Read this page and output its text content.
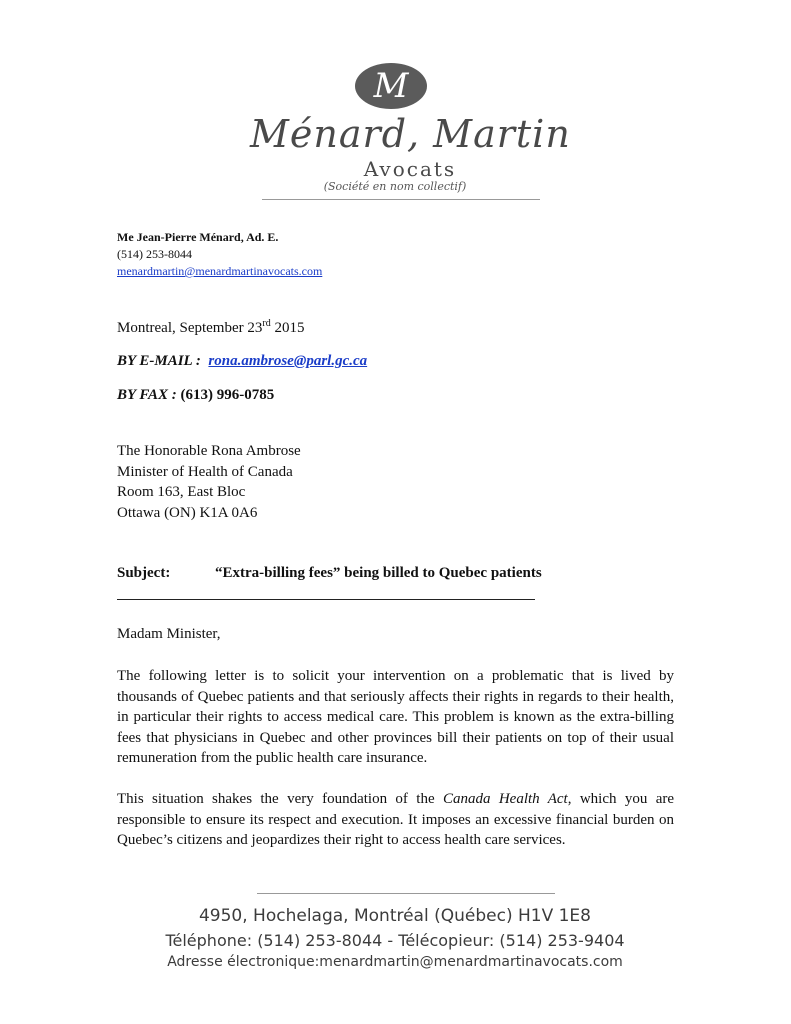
M
Ménard, Martin
Avocats
(Société en nom collectif)
Me Jean-Pierre Ménard, Ad. E.
(514) 253-8044
menardmartin@menardmartinavocats.com
Montreal, September 23rd 2015
BY E-MAIL : rona.ambrose@parl.gc.ca
BY FAX : (613) 996-0785
The Honorable Rona Ambrose
Minister of Health of Canada
Room 163, East Bloc
Ottawa (ON) K1A 0A6
Subject:	“Extra-billing fees” being billed to Quebec patients
Madam Minister,

The following letter is to solicit your intervention on a problematic that is lived by thousands of Quebec patients and that seriously affects their rights in regards to their health, in particular their rights to access medical care. This problem is known as the extra-billing fees that physicians in Quebec and other provinces bill their patients on top of their usual remuneration from the public health care insurance.

This situation shakes the very foundation of the Canada Health Act, which you are responsible to ensure its respect and execution. It imposes an excessive financial burden on Quebec’s citizens and jeopardizes their right to access health care services.

4950, Hochelaga, Montréal (Québec) H1V 1E8
Téléphone: (514) 253-8044 - Télécopieur: (514) 253-9404
Adresse électronique:menardmartin@menardmartinavocats.com
